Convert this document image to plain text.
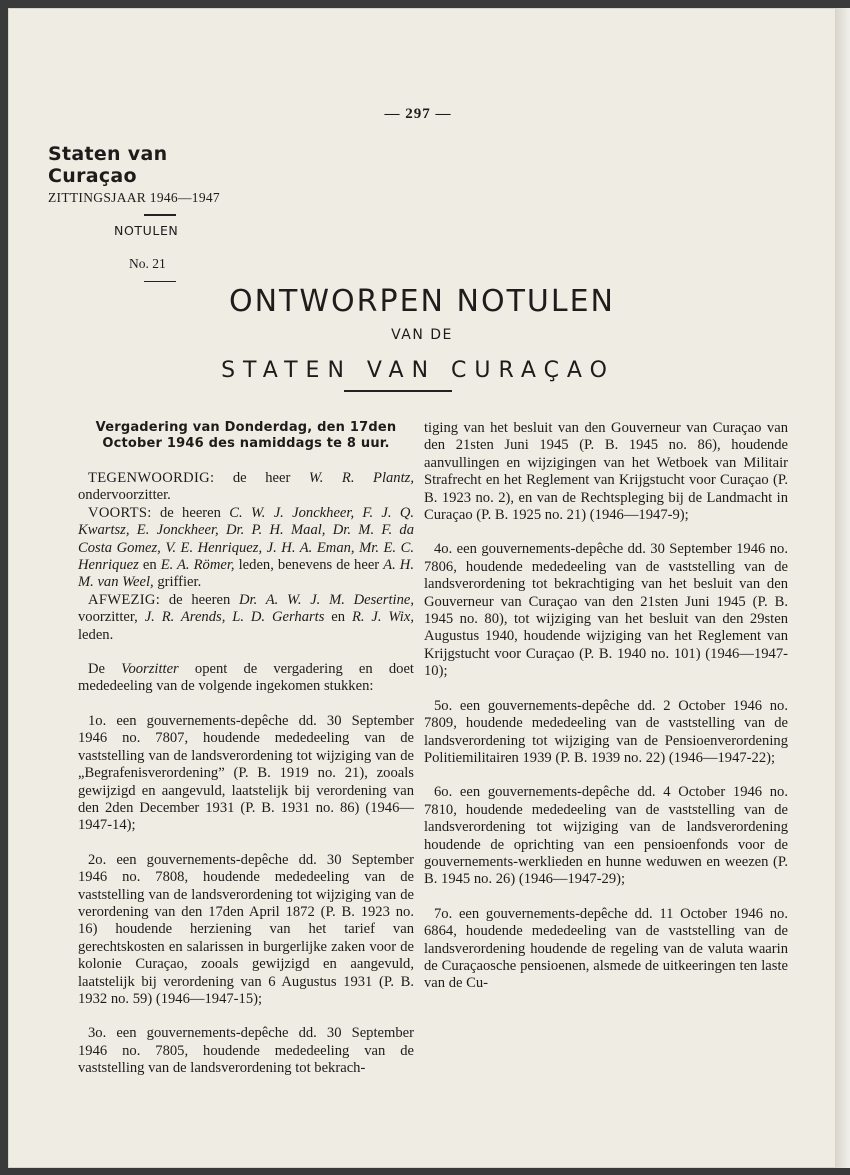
— 297 —
Staten van Curaçao
ZITTINGSJAAR 1946—1947
NOTULEN
No. 21
ONTWORPEN NOTULEN
VAN DE
STATEN VAN CURAÇAO
Vergadering van Donderdag, den 17den October 1946 des namiddags te 8 uur.

TEGENWOORDIG: de heer W. R. Plantz, ondervoorzitter.

VOORTS: de heeren C. W. J. Jonckheer, F. J. Q. Kwartsz, E. Jonckheer, Dr. P. H. Maal, Dr. M. F. da Costa Gomez, V. E. Henriquez, J. H. A. Eman, Mr. E. C. Henriquez en E. A. Römer, leden, benevens de heer A. H. M. van Weel, griffier.

AFWEZIG: de heeren Dr. A. W. J. M. Desertine, voorzitter, J. R. Arends, L. D. Gerharts en R. J. Wix, leden.

De Voorzitter opent de vergadering en doet mededeeling van de volgende ingekomen stukken:

1o. een gouvernements-depêche dd. 30 September 1946 no. 7807, houdende mededeeling van de vaststelling van de landsverordening tot wijziging van de „Begrafenisverordening” (P. B. 1919 no. 21), zooals gewijzigd en aangevuld, laatstelijk bij verordening van den 2den December 1931 (P. B. 1931 no. 86) (1946—1947-14);

2o. een gouvernements-depêche dd. 30 September 1946 no. 7808, houdende mededeeling van de vaststelling van de landsverordening tot wijziging van de verordening van den 17den April 1872 (P. B. 1923 no. 16) houdende herziening van het tarief van gerechtskosten en salarissen in burgerlijke zaken voor de kolonie Curaçao, zooals gewijzigd en aangevuld, laatstelijk bij verordening van 6 Augustus 1931 (P. B. 1932 no. 59) (1946—1947-15);

3o. een gouvernements-depêche dd. 30 September 1946 no. 7805, houdende mededeeling van de vaststelling van de landsverordening tot bekrach-

tiging van het besluit van den Gouverneur van Curaçao van den 21sten Juni 1945 (P. B. 1945 no. 86), houdende aanvullingen en wijzigingen van het Wetboek van Militair Strafrecht en het Reglement van Krijgstucht voor Curaçao (P. B. 1923 no. 2), en van de Rechtspleging bij de Landmacht in Curaçao (P. B. 1925 no. 21) (1946—1947-9);

4o. een gouvernements-depêche dd. 30 September 1946 no. 7806, houdende mededeeling van de vaststelling van de landsverordening tot bekrachtiging van het besluit van den Gouverneur van Curaçao van den 21sten Juni 1945 (P. B. 1945 no. 80), tot wijziging van het besluit van den 29sten Augustus 1940, houdende wijziging van het Reglement van Krijgstucht voor Curaçao (P. B. 1940 no. 101) (1946—1947-10);

5o. een gouvernements-depêche dd. 2 October 1946 no. 7809, houdende mededeeling van de vaststelling van de landsverordening tot wijziging van de Pensioenverordening Politiemilitairen 1939 (P. B. 1939 no. 22) (1946—1947-22);

6o. een gouvernements-depêche dd. 4 October 1946 no. 7810, houdende mededeeling van de vaststelling van de landsverordening tot wijziging van de landsverordening houdende de oprichting van een pensioenfonds voor de gouvernements-werklieden en hunne weduwen en weezen (P. B. 1945 no. 26) (1946—1947-29);

7o. een gouvernements-depêche dd. 11 October 1946 no. 6864, houdende mededeeling van de vaststelling van de landsverordening houdende de regeling van de valuta waarin de Curaçaosche pensioenen, alsmede de uitkeeringen ten laste van de Cu-
